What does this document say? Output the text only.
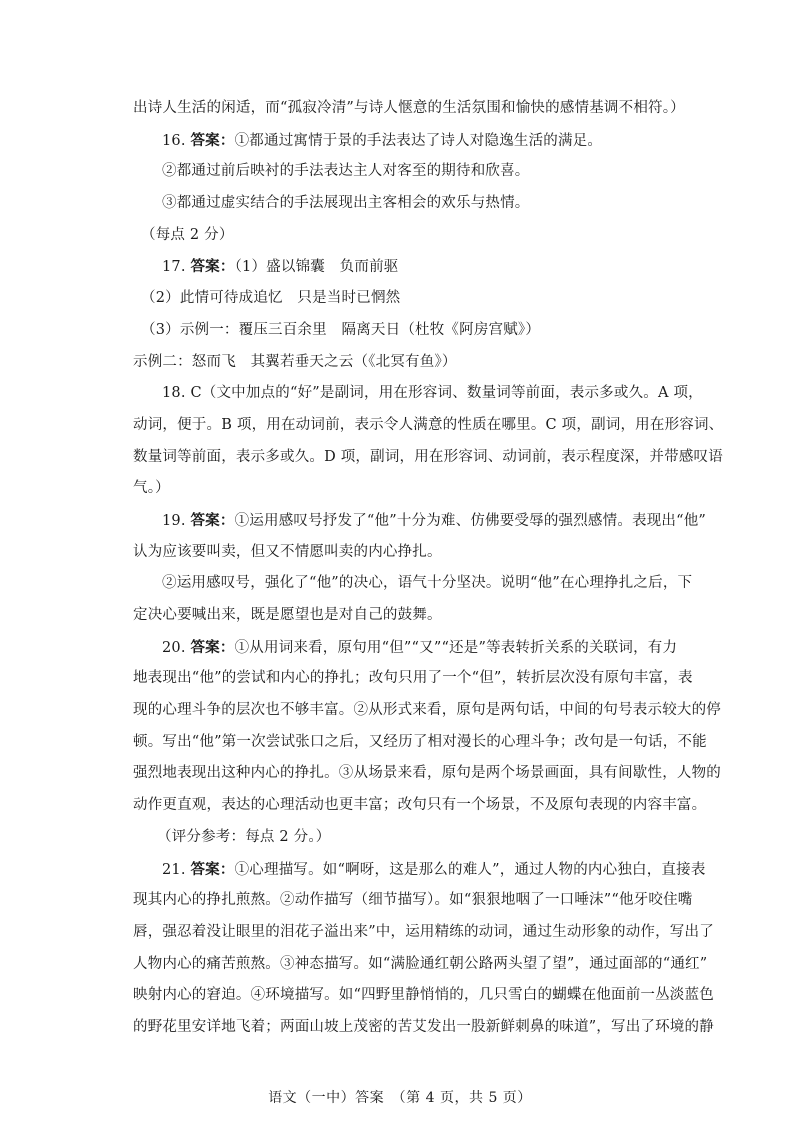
出诗人生活的闲适，而“孤寂冷清”与诗人惬意的生活氛围和愉快的感情基调不相符。）
16. 答案：①都通过寓情于景的手法表达了诗人对隐逸生活的满足。
②都通过前后映衬的手法表达主人对客至的期待和欣喜。
③都通过虚实结合的手法展现出主客相会的欢乐与热情。
（每点 2 分）
17. 答案：（1）盛以锦囊　负而前驱
（2）此情可待成追忆　只是当时已惘然
（3）示例一：覆压三百余里　隔离天日（杜牧《阿房宫赋》）
示例二：怒而飞　其翼若垂天之云（《北冥有鱼》）
18. C（文中加点的“好”是副词，用在形容词、数量词等前面，表示多或久。A 项，
动词，便于。B 项，用在动词前，表示令人满意的性质在哪里。C 项，副词，用在形容词、
数量词等前面，表示多或久。D 项，副词，用在形容词、动词前，表示程度深，并带感叹语
气。）
19. 答案：①运用感叹号抒发了“他”十分为难、仿佛要受辱的强烈感情。表现出“他”
认为应该要叫卖，但又不情愿叫卖的内心挣扎。
②运用感叹号，强化了“他”的决心，语气十分坚决。说明“他”在心理挣扎之后，下
定决心要喊出来，既是愿望也是对自己的鼓舞。
20. 答案：①从用词来看，原句用“但”“又”“还是”等表转折关系的关联词，有力
地表现出“他”的尝试和内心的挣扎；改句只用了一个“但”，转折层次没有原句丰富，表
现的心理斗争的层次也不够丰富。②从形式来看，原句是两句话，中间的句号表示较大的停
顿。写出“他”第一次尝试张口之后，又经历了相对漫长的心理斗争；改句是一句话，不能
强烈地表现出这种内心的挣扎。③从场景来看，原句是两个场景画面，具有间歇性，人物的
动作更直观，表达的心理活动也更丰富；改句只有一个场景，不及原句表现的内容丰富。
（评分参考：每点 2 分。）
21. 答案：①心理描写。如“啊呀，这是那么的难人”，通过人物的内心独白，直接表
现其内心的挣扎煎熬。②动作描写（细节描写）。如“狠狠地咽了一口唾沫”“他牙咬住嘴
唇，强忍着没让眼里的泪花子溢出来”中，运用精练的动词，通过生动形象的动作，写出了
人物内心的痛苦煎熬。③神态描写。如“满脸通红朝公路两头望了望”，通过面部的“通红”
映射内心的窘迫。④环境描写。如“四野里静悄悄的，几只雪白的蝴蝶在他面前一丛淡蓝色
的野花里安详地飞着；两面山坡上茂密的苦艾发出一股新鲜刺鼻的味道”，写出了环境的静
语文（一中）答案　（第 4 页，共 5 页）
